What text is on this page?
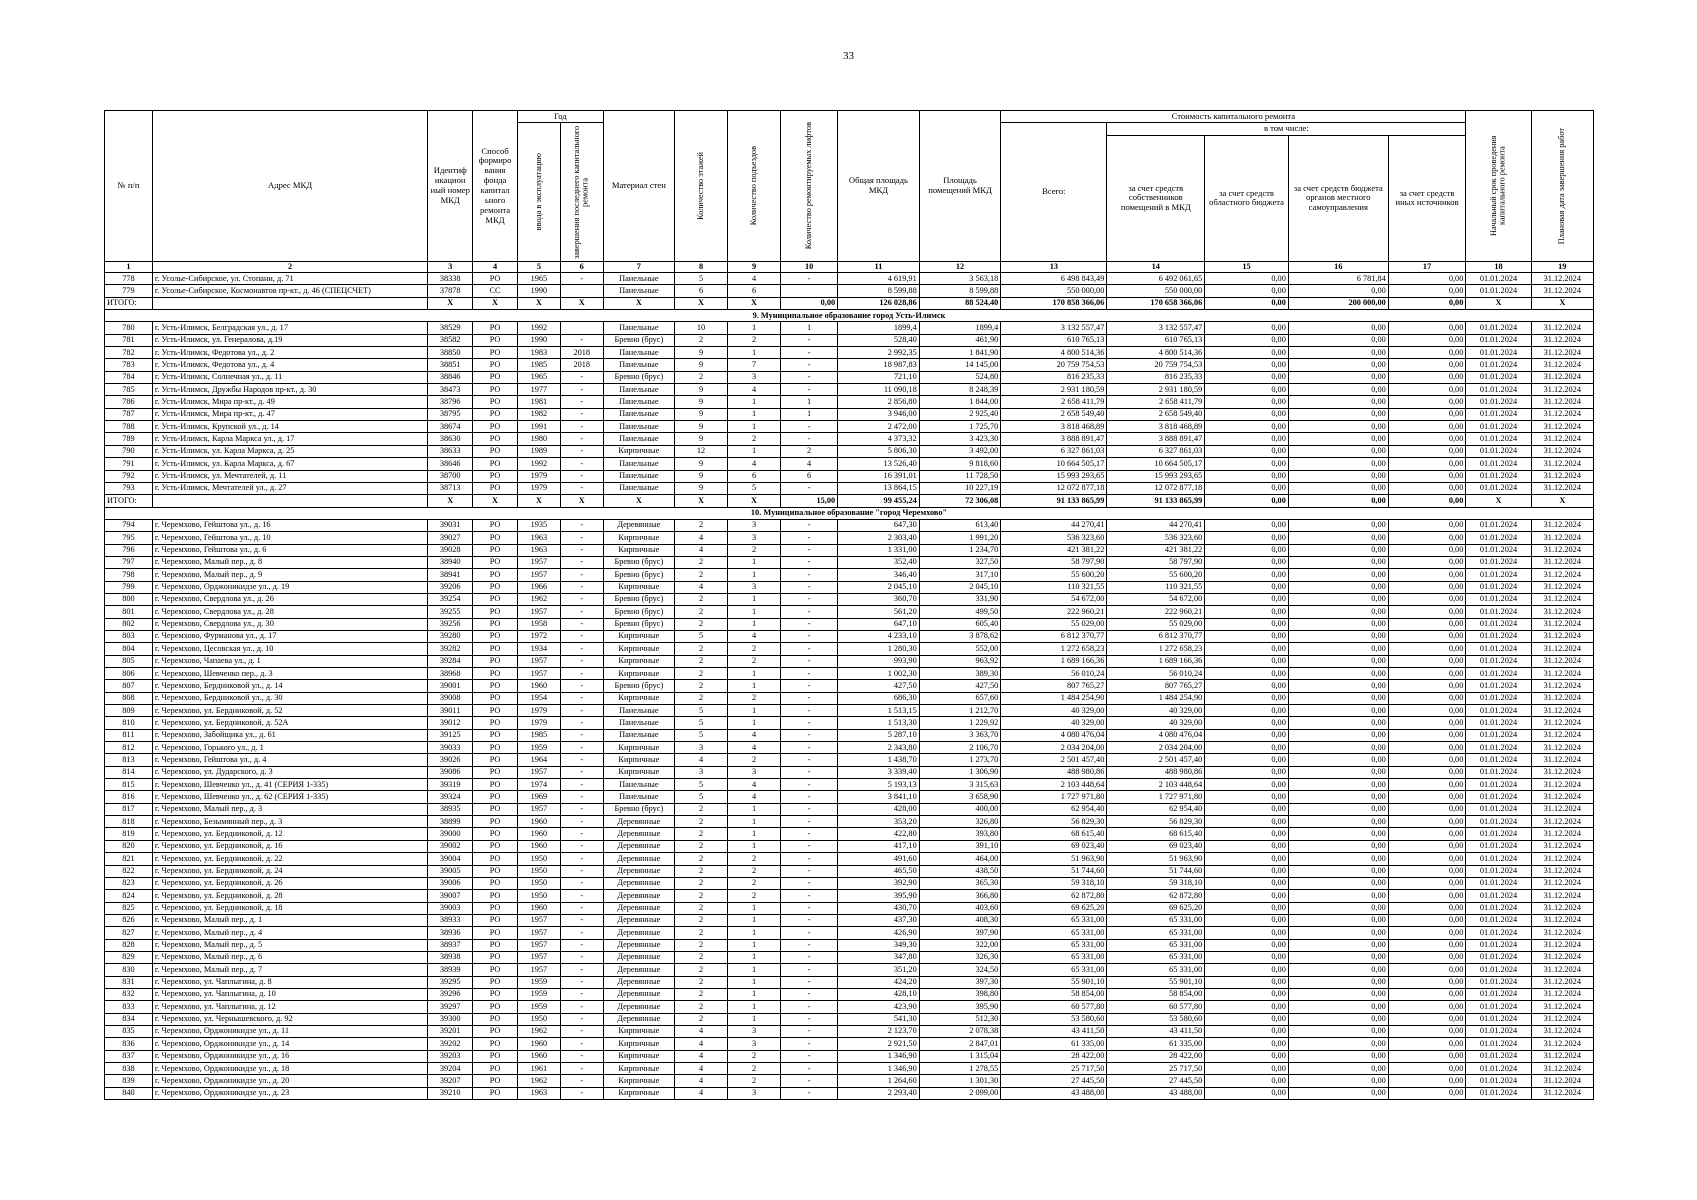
33
№ п/п	Адрес МКД	Идентиф икацион ный номер МКД	Способ формиро вания фонда капитал ьного ремонта МКД	Год		Материал стен	Количество этажей	Количество подъездов	Количество ремонтируемых лифтов	Общая площадь МКД	Площадь помещений МКД	Стоимость капитального ремонта					Начальный срок проведения капитального ремонта	Плановая дата завершения работ

				ввода в эксплуатацию	завершения последнего капитального ремонта							Всего:	в том числе:					
													за счет средств собственников помещений в МКД	за счет средств областного бюджета	за счет средств бюджета органов местного самоуправления	за счет средств иных источников		
1	2	3	4	5	6	7	8	9	10	11	12	13	14	15	16	17	18	19
778	г. Усолье-Сибирское, ул. Стопани, д. 71	38338	РО	1965	-	Панельные	5	4	-	4 619,91	3 563,18	6 498 843,49	6 492 061,65	0,00	6 781,84	0,00	01.01.2024	31.12.2024
779	г. Усолье-Сибирское, Космонавтов пр-кт., д. 46 (СПЕЦСЧЕТ)	37878	СС	1990		Панельные	6	6		8 599,88	8 599,88	550 000,00	550 000,00	0,00	0,00	0,00	01.01.2024	31.12.2024
ИТОГО:		Х	Х	Х	Х	Х	Х	Х	0,00	126 028,86	88 524,40	170 858 366,06	170 658 366,06	0,00	200 000,00	0,00	Х	Х
9. Муниципальное образование город Усть-Илимск																		
780	г. Усть-Илимск, Белградская ул., д. 17	38529	РО	1992		Панельные	10	1	1	1899,4	1899,4	3 132 557,47	3 132 557,47	0,00	0,00	0,00	01.01.2024	31.12.2024
781	г. Усть-Илимск, ул. Генералова, д.19	38582	РО	1990	-	Бревно (брус)	2	2	-	528,40	461,90	610 765,13	610 765,13	0,00	0,00	0,00	01.01.2024	31.12.2024
782	г. Усть-Илимск, Федотова ул., д. 2	38850	РО	1983	2018	Панельные	9	1	-	2 992,35	1 841,90	4 800 514,36	4 800 514,36	0,00	0,00	0,00	01.01.2024	31.12.2024
783	г. Усть-Илимск, Федотова ул., д. 4	38851	РО	1985	2018	Панельные	9	7	-	18 987,83	14 145,00	20 759 754,53	20 759 754,53	0,00	0,00	0,00	01.01.2024	31.12.2024
784	г. Усть-Илимск, Солнечная ул., д. 11	38846	РО	1965	-	Бревно (брус)	2	3	-	721,10	524,80	816 235,33	816 235,33	0,00	0,00	0,00	01.01.2024	31.12.2024
785	г. Усть-Илимск, Дружбы Народов пр-кт., д. 30	38473	РО	1977	-	Панельные	9	4	-	11 090,18	8 248,39	2 931 180,59	2 931 180,59	0,00	0,00	0,00	01.01.2024	31.12.2024
786	г. Усть-Илимск, Мира пр-кт., д. 49	38796	РО	1981	-	Панельные	9	1	1	2 856,80	1 844,00	2 658 411,79	2 658 411,79	0,00	0,00	0,00	01.01.2024	31.12.2024
787	г. Усть-Илимск, Мира пр-кт., д. 47	38795	РО	1982	-	Панельные	9	1	1	3 946,00	2 925,40	2 658 549,40	2 658 549,40	0,00	0,00	0,00	01.01.2024	31.12.2024
788	г. Усть-Илимск, Крупской ул., д. 14	38674	РО	1991	-	Панельные	9	1	-	2 472,00	1 725,70	3 818 468,89	3 818 468,89	0,00	0,00	0,00	01.01.2024	31.12.2024
789	г. Усть-Илимск, Карла Маркса ул., д. 17	38630	РО	1980	-	Панельные	9	2	-	4 373,32	3 423,30	3 888 891,47	3 888 891,47	0,00	0,00	0,00	01.01.2024	31.12.2024
790	г. Усть-Илимск, ул. Карла Маркса, д. 25	38633	РО	1989	-	Кирпичные	12	1	2	5 806,30	3 492,00	6 327 861,03	6 327 861,03	0,00	0,00	0,00	01.01.2024	31.12.2024
791	г. Усть-Илимск, ул. Карла Маркса, д. 67	38646	РО	1992	-	Панельные	9	4	4	13 526,40	9 818,60	10 664 505,17	10 664 505,17	0,00	0,00	0,00	01.01.2024	31.12.2024
792	г. Усть-Илимск, ул. Мечтателей, д. 11	38700	РО	1979	-	Панельные	9	6	6	16 391,01	11 728,50	15 993 293,65	15 993 293,65	0,00	0,00	0,00	01.01.2024	31.12.2024
793	г. Усть-Илимск, Мечтателей ул., д. 27	38713	РО	1979	-	Панельные	9	5	-	13 864,15	10 227,19	12 072 877,18	12 072 877,18	0,00	0,00	0,00	01.01.2024	31.12.2024
ИТОГО:		Х	Х	Х	Х	Х	Х	Х	15,00	99 455,24	72 306,08	91 133 865,99	91 133 865,99	0,00	0,00	0,00	Х	Х
10. Муниципальное образование "город Черемхово"																		
794	г. Черемхово, Гейштова ул., д. 16	39031	РО	1935	-	Деревянные	2	3	-	647,30	613,40	44 270,41	44 270,41	0,00	0,00	0,00	01.01.2024	31.12.2024
795	г. Черемхово, Гейштова ул., д. 10	39027	РО	1963	-	Кирпичные	4	3	-	2 303,40	1 991,20	536 323,60	536 323,60	0,00	0,00	0,00	01.01.2024	31.12.2024
796	г. Черемхово, Гейштова ул., д. 6	39028	РО	1963	-	Кирпичные	4	2	-	1 331,00	1 234,70	421 381,22	421 381,22	0,00	0,00	0,00	01.01.2024	31.12.2024
797	г. Черемхово, Малый пер., д. 8	38940	РО	1957	-	Бревно (брус)	2	1	-	352,40	327,50	58 797,90	58 797,90	0,00	0,00	0,00	01.01.2024	31.12.2024
798	г. Черемхово, Малый пер., д. 9	38941	РО	1957	-	Бревно (брус)	2	1	-	346,40	317,10	55 600,20	55 600,20	0,00	0,00	0,00	01.01.2024	31.12.2024
799	г. Черемхово, Орджоникидзе ул., д. 19	39206	РО	1966	-	Кирпичные	4	3	-	2 045,10	2 045,10	110 321,55	110 321,55	0,00	0,00	0,00	01.01.2024	31.12.2024
800	г. Черемхово, Свердлова ул., д. 26	39254	РО	1962	-	Бревно (брус)	2	1	-	360,70	331,90	54 672,00	54 672,00	0,00	0,00	0,00	01.01.2024	31.12.2024
801	г. Черемхово, Свердлова ул., д. 28	39255	РО	1957	-	Бревно (брус)	2	1	-	561,20	499,50	222 960,21	222 960,21	0,00	0,00	0,00	01.01.2024	31.12.2024
802	г. Черемхово, Свердлова ул., д. 30	39256	РО	1958	-	Бревно (брус)	2	1	-	647,10	605,40	55 029,00	55 029,00	0,00	0,00	0,00	01.01.2024	31.12.2024
803	г. Черемхово, Фурманова ул., д. 17	39280	РО	1972	-	Кирпичные	5	4	-	4 233,10	3 878,62	6 812 370,77	6 812 370,77	0,00	0,00	0,00	01.01.2024	31.12.2024
804	г. Черемхово, Цесовская ул., д. 10	39282	РО	1934	-	Кирпичные	2	2	-	1 280,30	552,00	1 272 658,23	1 272 658,23	0,00	0,00	0,00	01.01.2024	31.12.2024
805	г. Черемхово, Чапаева ул., д. 1	39284	РО	1957	-	Кирпичные	2	2	-	993,90	963,92	1 689 166,36	1 689 166,36	0,00	0,00	0,00	01.01.2024	31.12.2024
806	г. Черемхово, Шевченко пер., д. 3	38968	РО	1957	-	Кирпичные	2	1	-	1 002,30	389,30	56 010,24	56 010,24	0,00	0,00	0,00	01.01.2024	31.12.2024
807	г. Черемхово, Бердниковой ул., д. 14	39001	РО	1960	-	Бревно (брус)	2	1	-	427,50	427,50	807 765,27	807 765,27	0,00	0,00	0,00	01.01.2024	31.12.2024
808	г. Черемхово, Бердниковой ул., д. 30	39008	РО	1954	-	Кирпичные	2	2	-	686,30	657,60	1 484 254,90	1 484 254,90	0,00	0,00	0,00	01.01.2024	31.12.2024
809	г. Черемхово, ул. Бердниковой, д. 52	39011	РО	1979	-	Панельные	5	1	-	1 513,15	1 212,70	40 329,00	40 329,00	0,00	0,00	0,00	01.01.2024	31.12.2024
810	г. Черемхово, ул. Бердниковой, д. 52А	39012	РО	1979	-	Панельные	5	1	-	1 513,30	1 229,92	40 329,00	40 329,00	0,00	0,00	0,00	01.01.2024	31.12.2024
811	г. Черемхово, Забойщика ул., д. 61	39125	РО	1985	-	Панельные	5	4	-	5 287,10	3 363,70	4 080 476,04	4 080 476,04	0,00	0,00	0,00	01.01.2024	31.12.2024
812	г. Черемхово, Горького ул., д. 1	39033	РО	1959	-	Кирпичные	3	4	-	2 343,80	2 106,70	2 034 204,00	2 034 204,00	0,00	0,00	0,00	01.01.2024	31.12.2024
813	г. Черемхово, Гейштова ул., д. 4	39026	РО	1964	-	Кирпичные	4	2	-	1 438,70	1 273,70	2 501 457,40	2 501 457,40	0,00	0,00	0,00	01.01.2024	31.12.2024
814	г. Черемхово, ул. Дударского, д. 3	39086	РО	1957	-	Кирпичные	3	3	-	3 339,40	1 306,90	488 980,86	488 980,86	0,00	0,00	0,00	01.01.2024	31.12.2024
815	г. Черемхово, Шевченко ул., д. 41 (СЕРИЯ 1-335)	39319	РО	1974	-	Панельные	5	4	-	5 193,13	3 315,63	2 103 448,64	2 103 448,64	0,00	0,00	0,00	01.01.2024	31.12.2024
816	г. Черемхово, Шевченко ул., д. 62 (СЕРИЯ 1-335)	39324	РО	1969	-	Панельные	5	4	-	3 841,10	3 658,90	1 727 971,80	1 727 971,80	0,00	0,00	0,00	01.01.2024	31.12.2024
817	г. Черемхово, Малый пер., д. 3	38935	РО	1957	-	Бревно (брус)	2	1	-	428,00	400,00	62 954,40	62 954,40	0,00	0,00	0,00	01.01.2024	31.12.2024
818	г. Черемхово, Безымянный пер., д. 3	38899	РО	1960	-	Деревянные	2	1	-	353,20	326,80	56 829,30	56 829,30	0,00	0,00	0,00	01.01.2024	31.12.2024
819	г. Черемхово, ул. Бердниковой, д. 12	39000	РО	1960	-	Деревянные	2	1	-	422,80	393,80	68 615,40	68 615,40	0,00	0,00	0,00	01.01.2024	31.12.2024
820	г. Черемхово, ул. Бердниковой, д. 16	39002	РО	1960	-	Деревянные	2	1	-	417,10	391,10	69 023,40	69 023,40	0,00	0,00	0,00	01.01.2024	31.12.2024
821	г. Черемхово, ул. Бердниковой, д. 22	39004	РО	1950	-	Деревянные	2	2	-	491,60	464,00	51 963,90	51 963,90	0,00	0,00	0,00	01.01.2024	31.12.2024
822	г. Черемхово, ул. Бердниковой, д. 24	39005	РО	1950	-	Деревянные	2	2	-	465,50	438,50	51 744,60	51 744,60	0,00	0,00	0,00	01.01.2024	31.12.2024
823	г. Черемхово, ул. Бердниковой, д. 26	39006	РО	1950	-	Деревянные	2	2	-	392,90	365,30	59 318,10	59 318,10	0,00	0,00	0,00	01.01.2024	31.12.2024
824	г. Черемхово, ул. Бердниковой, д. 28	39007	РО	1950	-	Деревянные	2	2	-	395,90	366,80	62 872,80	62 872,80	0,00	0,00	0,00	01.01.2024	31.12.2024
825	г. Черемхово, ул. Бердниковой, д. 18	39003	РО	1960	-	Деревянные	2	1	-	430,70	403,60	69 625,20	69 625,20	0,00	0,00	0,00	01.01.2024	31.12.2024
826	г. Черемхово, Малый пер., д. 1	38933	РО	1957	-	Деревянные	2	1	-	437,30	408,30	65 331,00	65 331,00	0,00	0,00	0,00	01.01.2024	31.12.2024
827	г. Черемхово, Малый пер., д. 4	38936	РО	1957	-	Деревянные	2	1	-	426,90	397,90	65 331,00	65 331,00	0,00	0,00	0,00	01.01.2024	31.12.2024
828	г. Черемхово, Малый пер., д. 5	38937	РО	1957	-	Деревянные	2	1	-	349,30	322,00	65 331,00	65 331,00	0,00	0,00	0,00	01.01.2024	31.12.2024
829	г. Черемхово, Малый пер., д. 6	38938	РО	1957	-	Деревянные	2	1	-	347,80	326,30	65 331,00	65 331,00	0,00	0,00	0,00	01.01.2024	31.12.2024
830	г. Черемхово, Малый пер., д. 7	38939	РО	1957	-	Деревянные	2	1	-	351,20	324,50	65 331,00	65 331,00	0,00	0,00	0,00	01.01.2024	31.12.2024
831	г. Черемхово, ул. Чаплыгина, д. 8	39295	РО	1959	-	Деревянные	2	1	-	424,20	397,30	55 901,10	55 901,10	0,00	0,00	0,00	01.01.2024	31.12.2024
832	г. Черемхово, ул. Чаплыгина, д. 10	39296	РО	1959	-	Деревянные	2	1	-	428,10	398,80	58 854,00	58 854,00	0,00	0,00	0,00	01.01.2024	31.12.2024
833	г. Черемхово, ул. Чаплыгина, д. 12	39297	РО	1959	-	Деревянные	2	1	-	423,90	395,90	60 577,80	60 577,80	0,00	0,00	0,00	01.01.2024	31.12.2024
834	г. Черемхово, ул. Чернышевского, д. 92	39300	РО	1950	-	Деревянные	2	1	-	541,30	512,30	53 580,60	53 580,60	0,00	0,00	0,00	01.01.2024	31.12.2024
835	г. Черемхово, Орджоникидзе ул., д. 11	39201	РО	1962	-	Кирпичные	4	3	-	2 123,70	2 078,38	43 411,50	43 411,50	0,00	0,00	0,00	01.01.2024	31.12.2024
836	г. Черемхово, Орджоникидзе ул., д. 14	39202	РО	1960	-	Кирпичные	4	3	-	2 921,50	2 847,01	61 335,00	61 335,00	0,00	0,00	0,00	01.01.2024	31.12.2024
837	г. Черемхово, Орджоникидзе ул., д. 16	39203	РО	1960	-	Кирпичные	4	2	-	1 346,90	1 315,04	28 422,00	28 422,00	0,00	0,00	0,00	01.01.2024	31.12.2024
838	г. Черемхово, Орджоникидзе ул., д. 18	39204	РО	1961	-	Кирпичные	4	2	-	1 346,90	1 278,55	25 717,50	25 717,50	0,00	0,00	0,00	01.01.2024	31.12.2024
839	г. Черемхово, Орджоникидзе ул., д. 20	39207	РО	1962	-	Кирпичные	4	2	-	1 264,60	1 301,30	27 445,50	27 445,50	0,00	0,00	0,00	01.01.2024	31.12.2024
840	г. Черемхово, Орджоникидзе ул., д. 23	39210	РО	1963	-	Кирпичные	4	3	-	2 293,40	2 099,00	43 488,00	43 488,00	0,00	0,00	0,00	01.01.2024	31.12.2024
